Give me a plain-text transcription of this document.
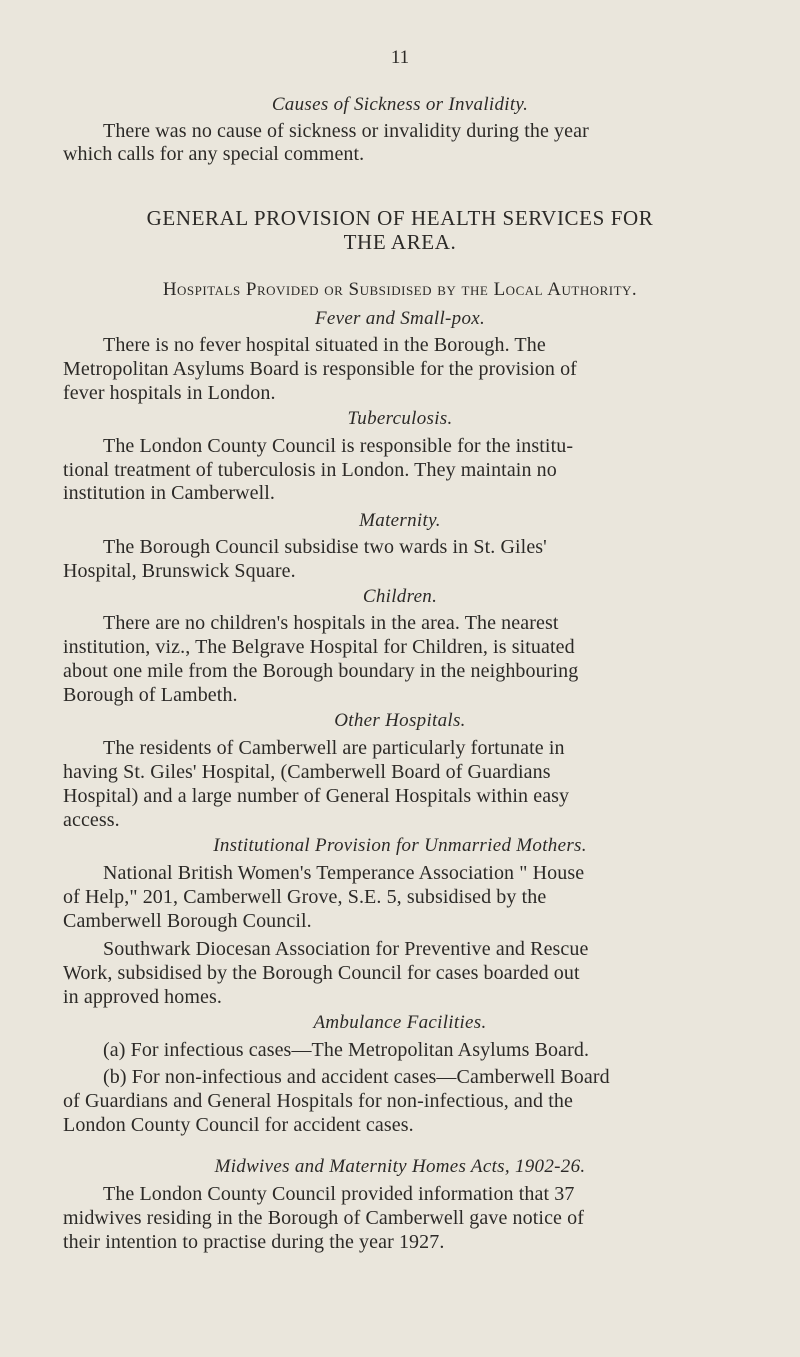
11
Causes of Sickness or Invalidity.
There was no cause of sickness or invalidity during the year
which calls for any special comment.
GENERAL PROVISION OF HEALTH SERVICES FOR
THE AREA.
Hospitals Provided or Subsidised by the Local Authority.
Fever and Small-pox.
There is no fever hospital situated in the Borough. The
Metropolitan Asylums Board is responsible for the provision of
fever hospitals in London.
Tuberculosis.
The London County Council is responsible for the institu-
tional treatment of tuberculosis in London. They maintain no
institution in Camberwell.
Maternity.
The Borough Council subsidise two wards in St. Giles'
Hospital, Brunswick Square.
Children.
There are no children's hospitals in the area. The nearest
institution, viz., The Belgrave Hospital for Children, is situated
about one mile from the Borough boundary in the neighbouring
Borough of Lambeth.
Other Hospitals.
The residents of Camberwell are particularly fortunate in
having St. Giles' Hospital, (Camberwell Board of Guardians
Hospital) and a large number of General Hospitals within easy
access.
Institutional Provision for Unmarried Mothers.
National British Women's Temperance Association " House
of Help," 201, Camberwell Grove, S.E. 5, subsidised by the
Camberwell Borough Council.
Southwark Diocesan Association for Preventive and Rescue
Work, subsidised by the Borough Council for cases boarded out
in approved homes.
Ambulance Facilities.
(a) For infectious cases—The Metropolitan Asylums Board.
(b) For non-infectious and accident cases—Camberwell Board
of Guardians and General Hospitals for non-infectious, and the
London County Council for accident cases.
Midwives and Maternity Homes Acts, 1902-26.
The London County Council provided information that 37
midwives residing in the Borough of Camberwell gave notice of
their intention to practise during the year 1927.
